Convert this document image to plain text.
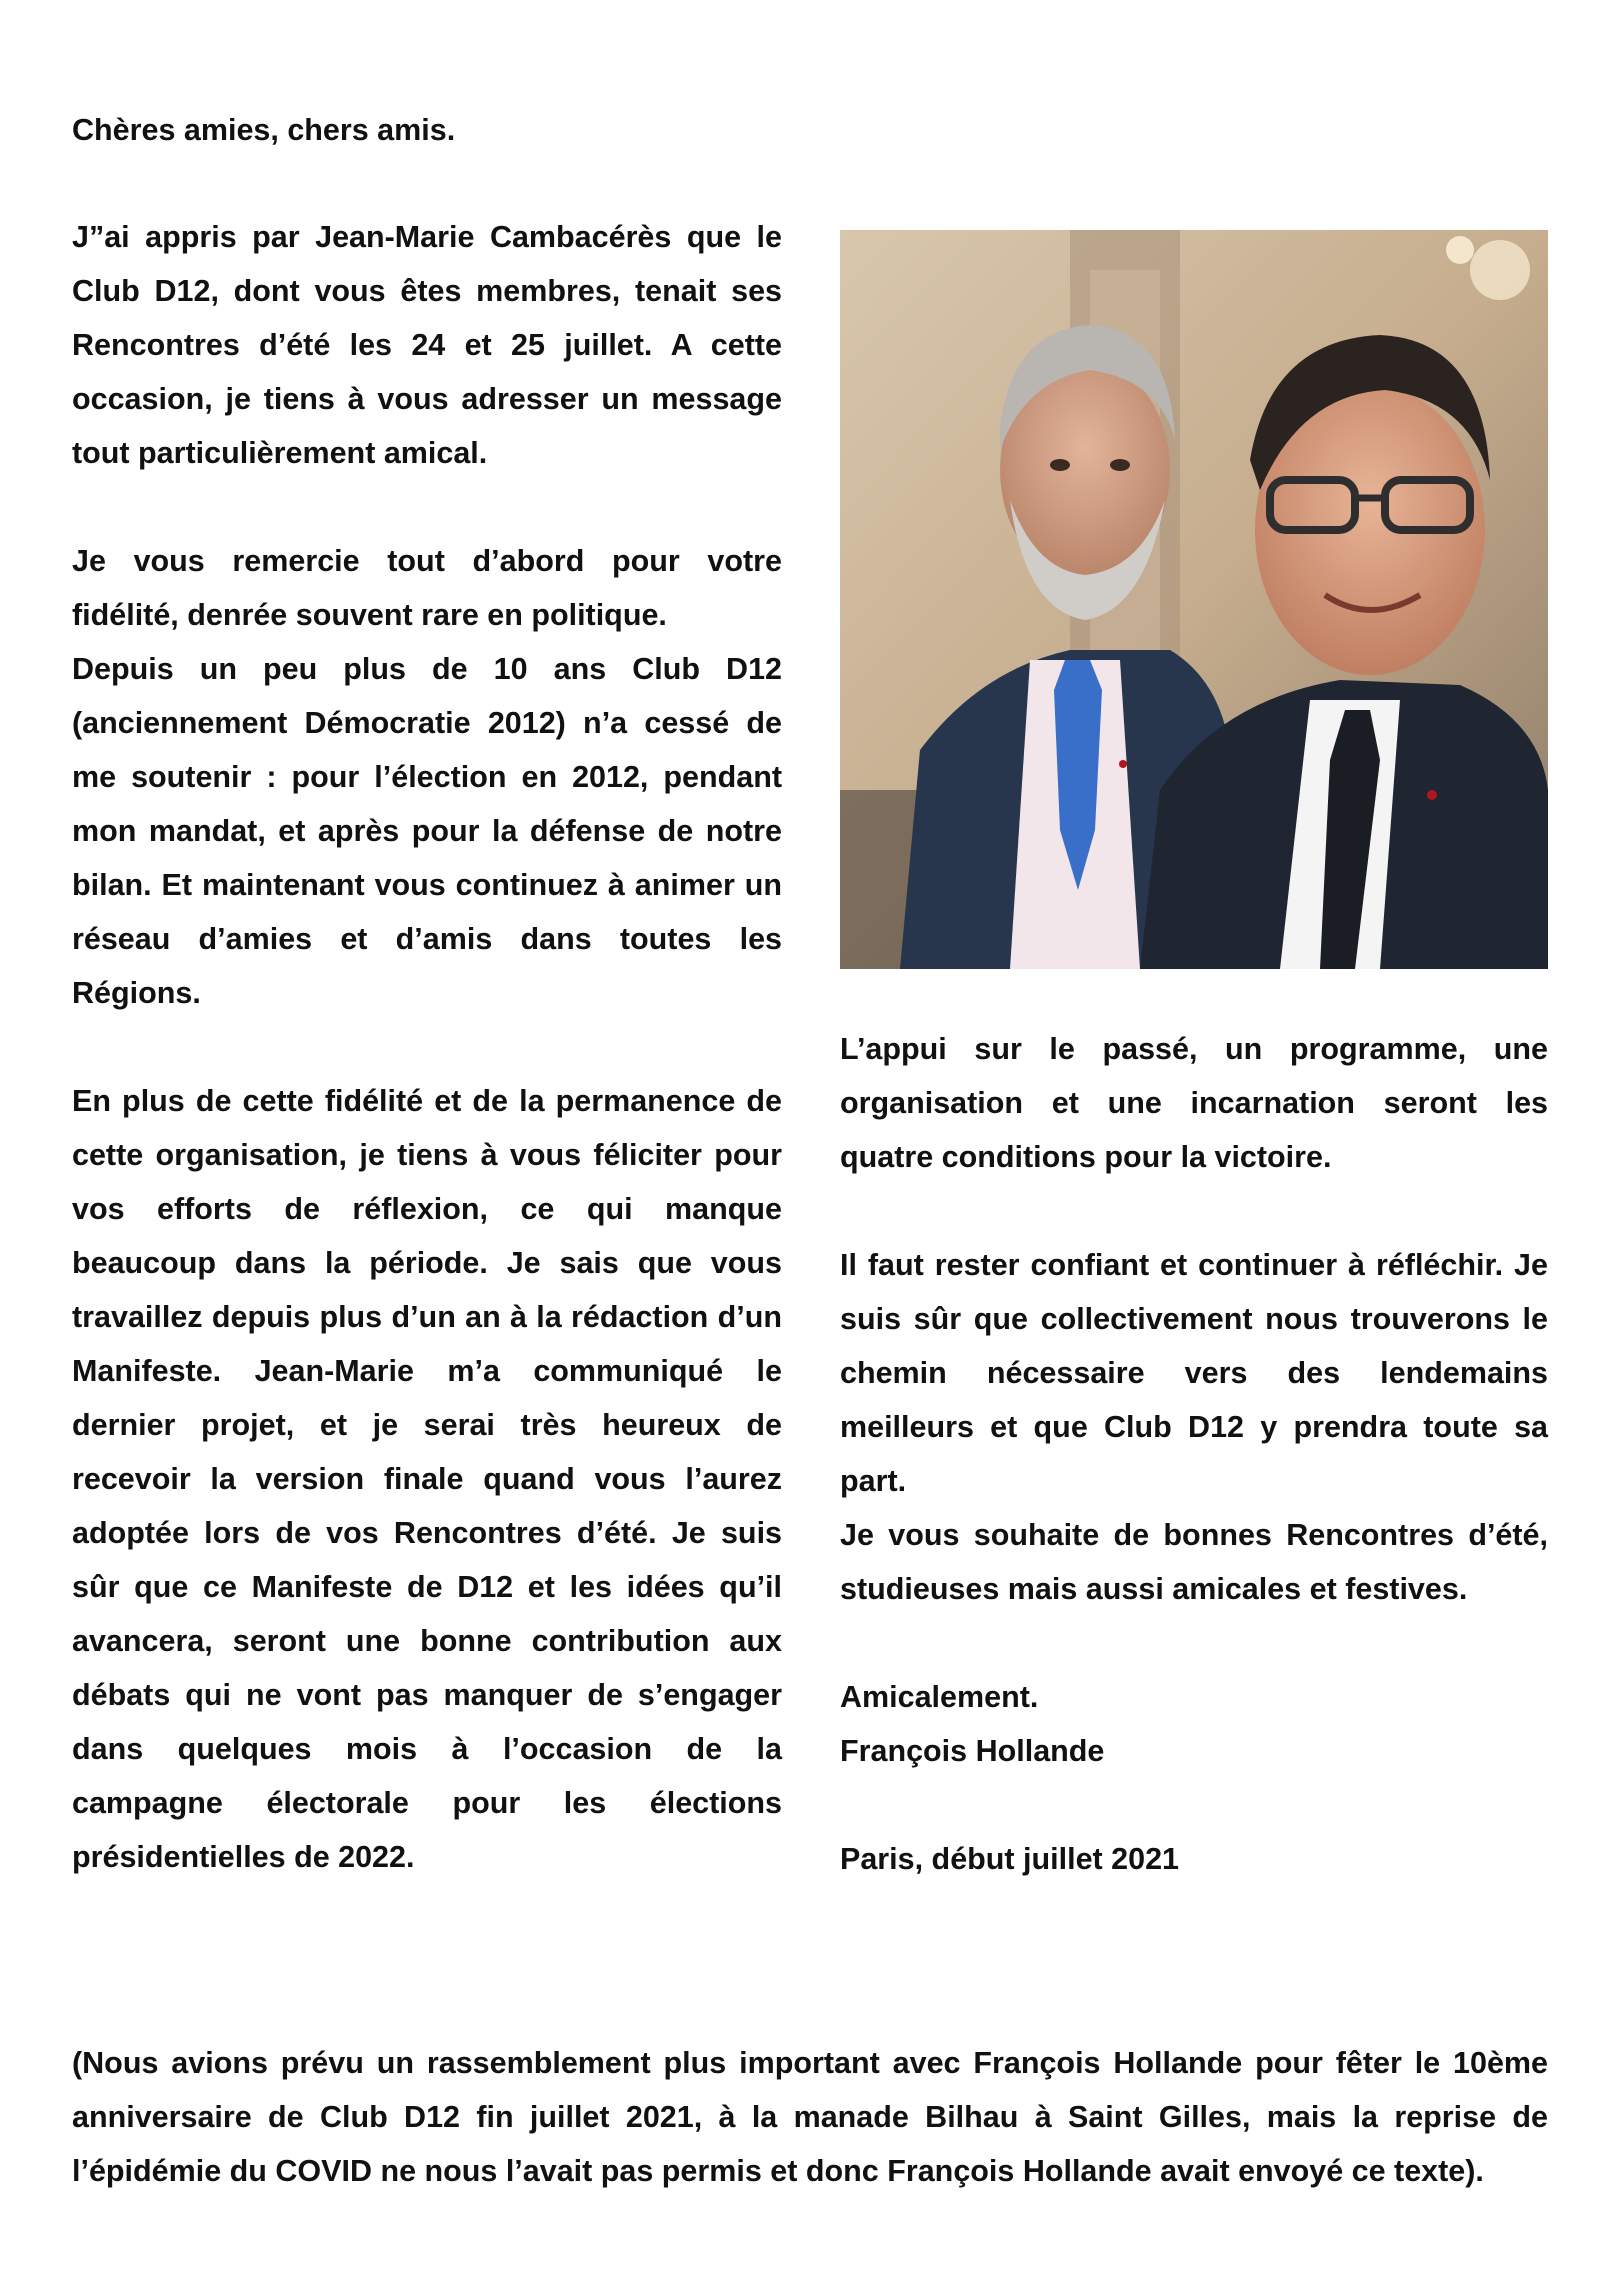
Chères amies, chers amis.

J”ai appris par Jean-Marie Cambacérès que le Club D12, dont vous êtes membres, tenait ses Rencontres d’été les 24 et 25 juillet. A cette occasion, je tiens à vous adresser un message tout particulièrement amical.

Je vous remercie tout d’abord pour votre fidélité, denrée souvent rare en politique.

Depuis un peu plus de 10 ans Club D12 (anciennement Démocratie 2012) n’a cessé de me soutenir : pour l’élection en 2012, pendant mon mandat, et après pour la défense de notre bilan. Et maintenant vous continuez à animer un réseau d’amies et d’amis dans toutes les Régions.

En plus de cette fidélité et de la permanence de cette organisation, je tiens à vous féliciter pour vos efforts de réflexion, ce qui manque beaucoup dans la période. Je sais que vous travaillez depuis plus d’un an à la rédaction d’un Manifeste. Jean-Marie m’a communiqué le dernier projet, et je serai très heureux de recevoir la version finale quand vous l’aurez adoptée lors de vos Rencontres d’été. Je suis sûr que ce Manifeste de D12 et les idées qu’il avancera, seront une bonne contribution aux débats qui ne vont pas manquer de s’engager dans quelques mois à l’occasion de la campagne électorale pour les élections présidentielles de 2022.

L’appui sur le passé, un programme, une organisation et une incarnation seront les quatre conditions pour la victoire.

Il faut rester confiant et continuer à réfléchir. Je suis sûr que collectivement nous trouverons le chemin nécessaire vers des lendemains meilleurs et que Club D12 y prendra toute sa part.

Je vous souhaite de bonnes Rencontres d’été, studieuses mais aussi amicales et festives.

Amicalement.

François Hollande

Paris, début juillet 2021

(Nous avions prévu un rassemblement plus important avec François Hollande pour fêter le 10ème anniversaire de Club D12 fin juillet 2021, à la manade Bilhau à Saint Gilles, mais la reprise de l’épidémie du COVID ne nous l’avait pas permis et donc François Hollande avait envoyé ce texte).
